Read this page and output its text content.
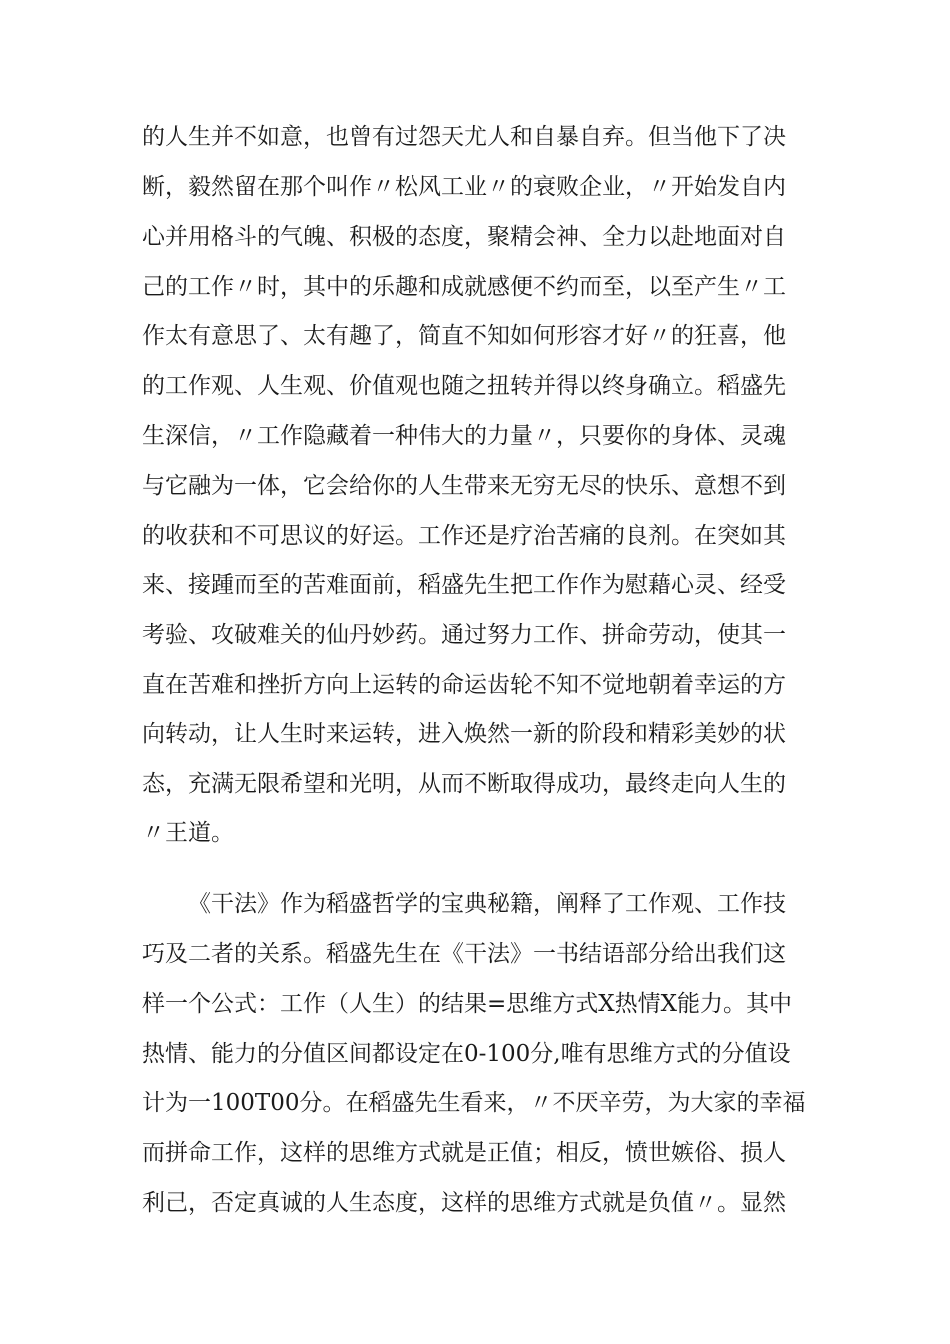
的人生并不如意，也曾有过怨天尤人和自暴自弃。但当他下了决
断，毅然留在那个叫作〃松风工业〃的衰败企业，〃开始发自内
心并用格斗的气魄、积极的态度，聚精会神、全力以赴地面对自
己的工作〃时，其中的乐趣和成就感便不约而至，以至产生〃工
作太有意思了、太有趣了，简直不知如何形容才好〃的狂喜，他
的工作观、人生观、价值观也随之扭转并得以终身确立。稻盛先
生深信，〃工作隐藏着一种伟大的力量〃，只要你的身体、灵魂
与它融为一体，它会给你的人生带来无穷无尽的快乐、意想不到
的收获和不可思议的好运。工作还是疗治苦痛的良剂。在突如其
来、接踵而至的苦难面前，稻盛先生把工作作为慰藉心灵、经受
考验、攻破难关的仙丹妙药。通过努力工作、拼命劳动，使其一
直在苦难和挫折方向上运转的命运齿轮不知不觉地朝着幸运的方
向转动，让人生时来运转，进入焕然一新的阶段和精彩美妙的状
态，充满无限希望和光明，从而不断取得成功，最终走向人生的
〃王道。
《干法》作为稻盛哲学的宝典秘籍，阐释了工作观、工作技
巧及二者的关系。稻盛先生在《干法》一书结语部分给出我们这
样一个公式：工作（人生）的结果=思维方式X热情X能力。其中
热情、能力的分值区间都设定在0-100分,唯有思维方式的分值设
计为一100T00分。在稻盛先生看来，〃不厌辛劳，为大家的幸福
而拼命工作，这样的思维方式就是正值；相反，愤世嫉俗、损人
利己，否定真诚的人生态度，这样的思维方式就是负值〃。显然
